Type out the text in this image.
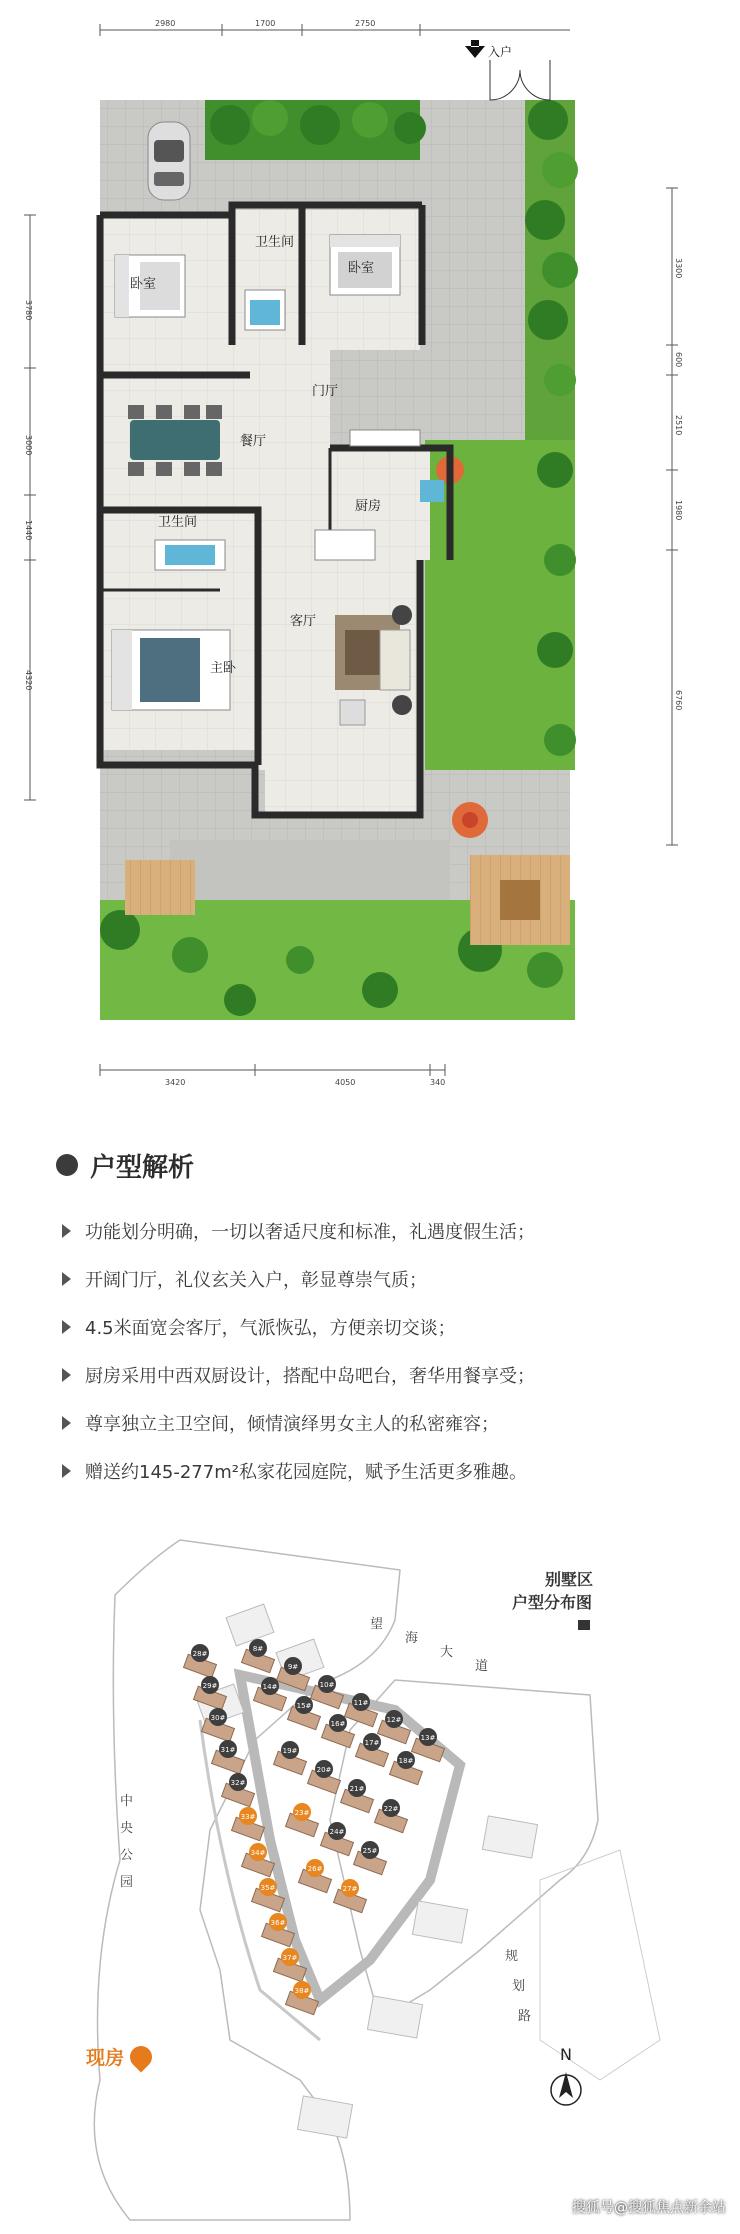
2980	1700	2750
3780
3000
1440
4320
3300
600
2510
1980
6760
3420	4050	340
入户
卧室
卫生间
卧室
门厅
餐厅
厨房
卫生间
客厅
主卧
户型解析
功能划分明确，一切以奢适尺度和标准，礼遇度假生活；
开阔门厅，礼仪玄关入户，彰显尊崇气质；
4.5米面宽会客厅，气派恢弘，方便亲切交谈；
厨房采用中西双厨设计，搭配中岛吧台，奢华用餐享受；
尊享独立主卫空间，倾情演绎男女主人的私密雍容；
赠送约145-277m²私家花园庭院，赋予生活更多雅趣。
望
海
大
道
规
划
路
中
央
公
园
别墅区
户型分布图
28#
29#
30#
31#
32#
33#
34#
35#
36#
37#
38#
8#
9#
10#
11#
12#
13#
14#
15#
16#
17#
18#
19#
20#
21#
22#
23#
24#
25#
26#
27#
N
现房
搜狐号@搜狐焦点新余站
